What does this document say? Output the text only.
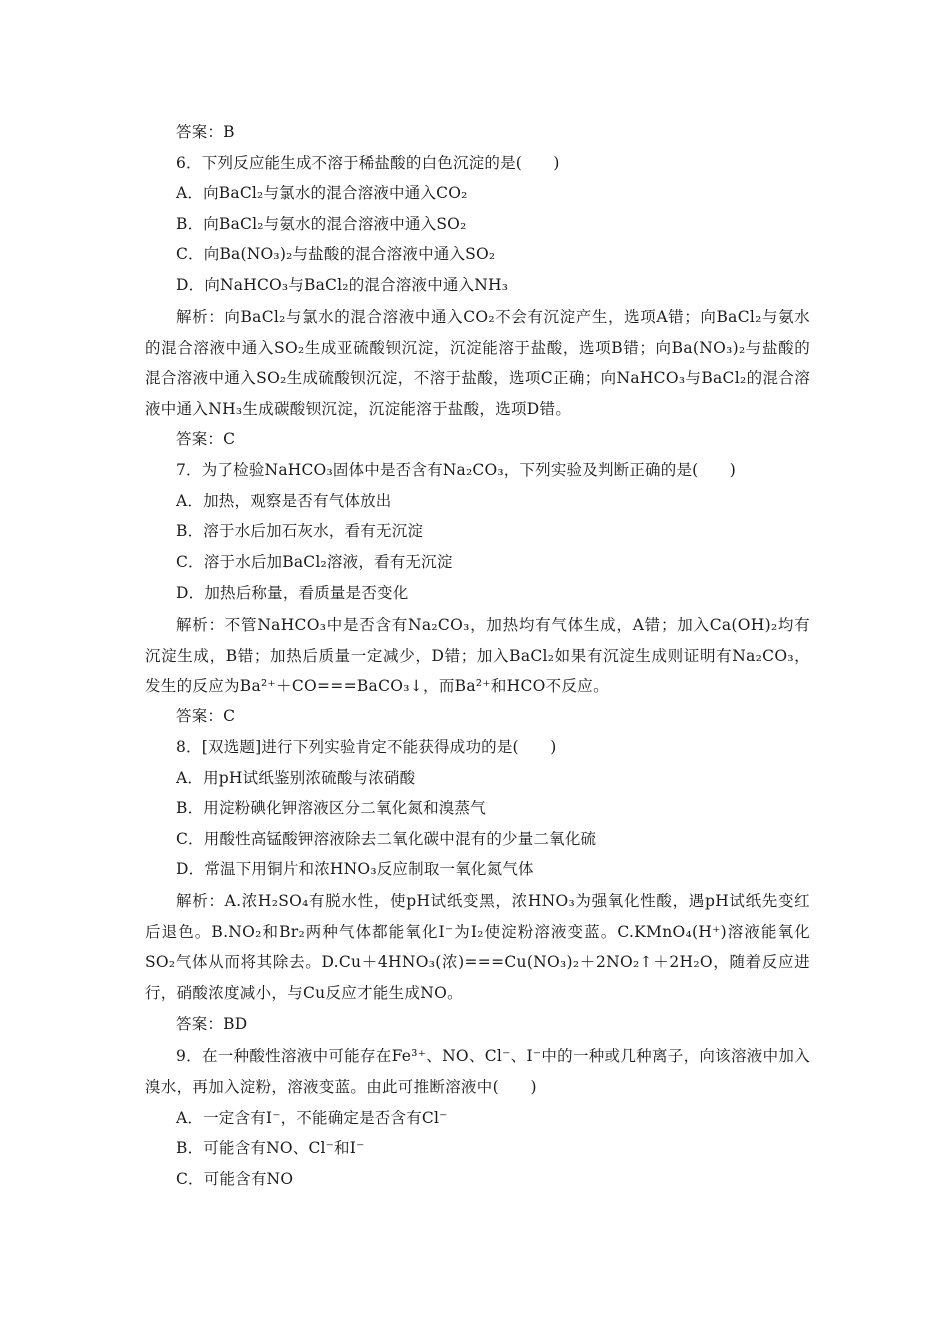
答案：B
6．下列反应能生成不溶于稀盐酸的白色沉淀的是(　　)
A．向BaCl₂与氯水的混合溶液中通入CO₂
B．向BaCl₂与氨水的混合溶液中通入SO₂
C．向Ba(NO₃)₂与盐酸的混合溶液中通入SO₂
D．向NaHCO₃与BaCl₂的混合溶液中通入NH₃
解析：向BaCl₂与氯水的混合溶液中通入CO₂不会有沉淀产生，选项A错；向BaCl₂与氨水的混合溶液中通入SO₂生成亚硫酸钡沉淀，沉淀能溶于盐酸，选项B错；向Ba(NO₃)₂与盐酸的混合溶液中通入SO₂生成硫酸钡沉淀，不溶于盐酸，选项C正确；向NaHCO₃与BaCl₂的混合溶液中通入NH₃生成碳酸钡沉淀，沉淀能溶于盐酸，选项D错。
答案：C
7．为了检验NaHCO₃固体中是否含有Na₂CO₃，下列实验及判断正确的是(　　)
A．加热，观察是否有气体放出
B．溶于水后加石灰水，看有无沉淀
C．溶于水后加BaCl₂溶液，看有无沉淀
D．加热后称量，看质量是否变化
解析：不管NaHCO₃中是否含有Na₂CO₃，加热均有气体生成，A错；加入Ca(OH)₂均有沉淀生成，B错；加热后质量一定减少，D错；加入BaCl₂如果有沉淀生成则证明有Na₂CO₃，发生的反应为Ba²⁺＋CO===BaCO₃↓，而Ba²⁺和HCO不反应。
答案：C
8．[双选题]进行下列实验肯定不能获得成功的是(　　)
A．用pH试纸鉴别浓硫酸与浓硝酸
B．用淀粉碘化钾溶液区分二氧化氮和溴蒸气
C．用酸性高锰酸钾溶液除去二氧化碳中混有的少量二氧化硫
D．常温下用铜片和浓HNO₃反应制取一氧化氮气体
解析：A.浓H₂SO₄有脱水性，使pH试纸变黑，浓HNO₃为强氧化性酸，遇pH试纸先变红后退色。B.NO₂和Br₂两种气体都能氧化I⁻为I₂使淀粉溶液变蓝。C.KMnO₄(H⁺)溶液能氧化SO₂气体从而将其除去。D.Cu＋4HNO₃(浓)===Cu(NO₃)₂＋2NO₂↑＋2H₂O，随着反应进行，硝酸浓度减小，与Cu反应才能生成NO。
答案：BD
9．在一种酸性溶液中可能存在Fe³⁺、NO、Cl⁻、I⁻中的一种或几种离子，向该溶液中加入溴水，再加入淀粉，溶液变蓝。由此可推断溶液中(　　)
A．一定含有I⁻，不能确定是否含有Cl⁻
B．可能含有NO、Cl⁻和I⁻
C．可能含有NO
